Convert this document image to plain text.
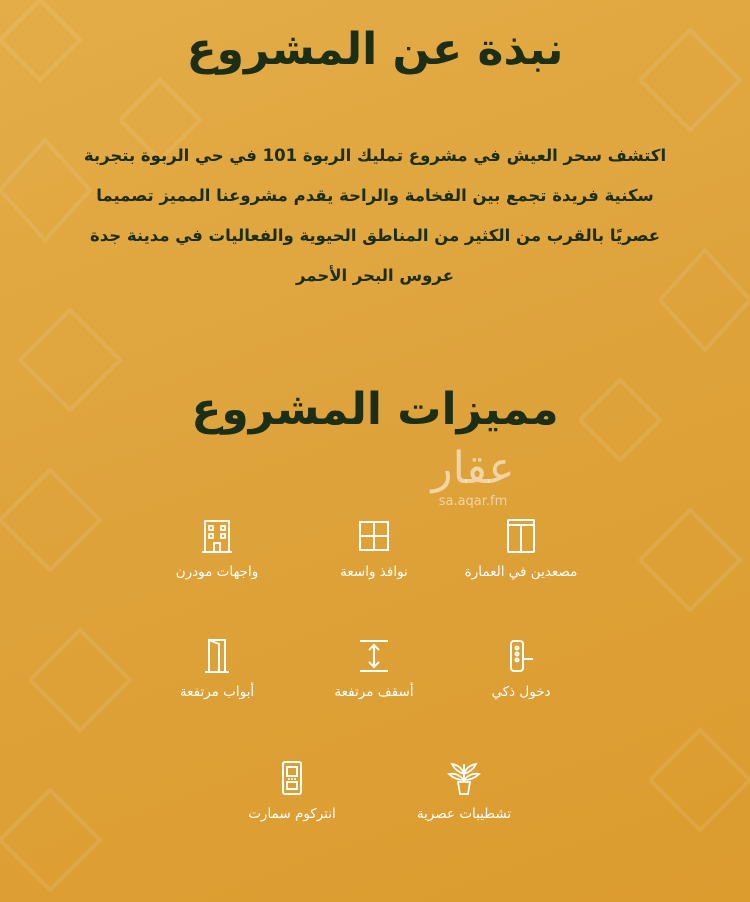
نبذة عن المشروع
اكتشف سحر العيش في مشروع تمليك الربوة 101 في حي الربوة بتجربة سكنية فريدة تجمع بين الفخامة والراحة يقدم مشروعنا المميز تصميما عصريًا بالقرب من الكثير من المناطق الحيوية والفعاليات في مدينة جدة عروس البحر الأحمر
مميزات المشروع
عقار
sa.aqar.fm
مصعدين في العمارة
نوافذ واسعة
واجهات مودرن
دخول ذكي
أسقف مرتفعة
أبواب مرتفعة
تشطيبات عصرية
انتركوم سمارت
